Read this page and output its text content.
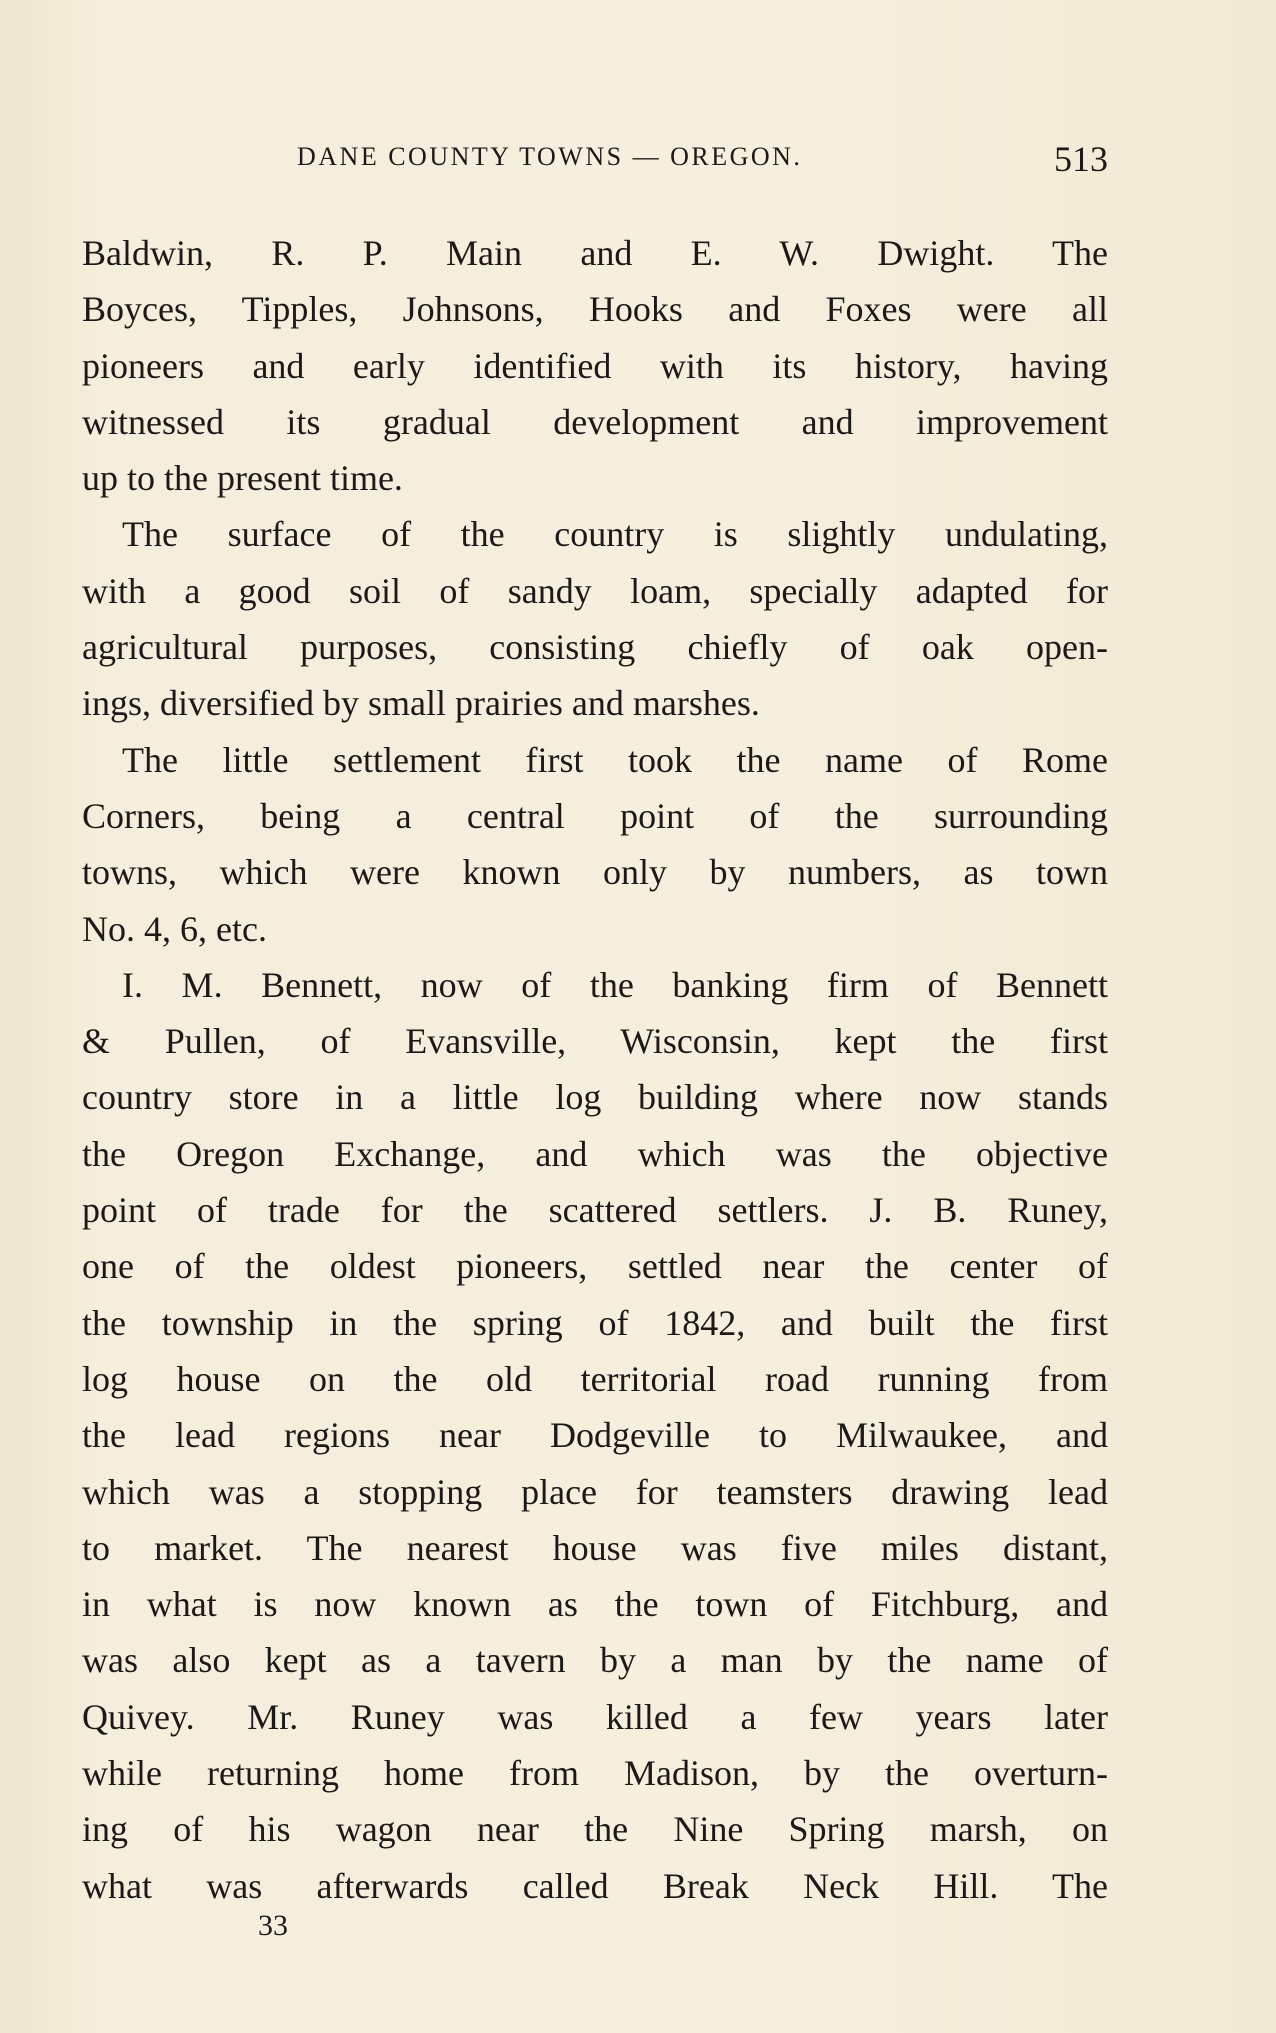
DANE COUNTY TOWNS — OREGON.	513
Baldwin, R. P. Main and E. W. Dwight. The
Boyces, Tipples, Johnsons, Hooks and Foxes were all
pioneers and early identified with its history, having
witnessed its gradual development and improvement
up to the present time.
The surface of the country is slightly undulating,
with a good soil of sandy loam, specially adapted for
agricultural purposes, consisting chiefly of oak open-
ings, diversified by small prairies and marshes.
The little settlement first took the name of Rome
Corners, being a central point of the surrounding
towns, which were known only by numbers, as town
No. 4, 6, etc.
I. M. Bennett, now of the banking firm of Bennett
& Pullen, of Evansville, Wisconsin, kept the first
country store in a little log building where now stands
the Oregon Exchange, and which was the objective
point of trade for the scattered settlers. J. B. Runey,
one of the oldest pioneers, settled near the center of
the township in the spring of 1842, and built the first
log house on the old territorial road running from
the lead regions near Dodgeville to Milwaukee, and
which was a stopping place for teamsters drawing lead
to market. The nearest house was five miles distant,
in what is now known as the town of Fitchburg, and
was also kept as a tavern by a man by the name of
Quivey. Mr. Runey was killed a few years later
while returning home from Madison, by the overturn-
ing of his wagon near the Nine Spring marsh, on
what was afterwards called Break Neck Hill. The
33
